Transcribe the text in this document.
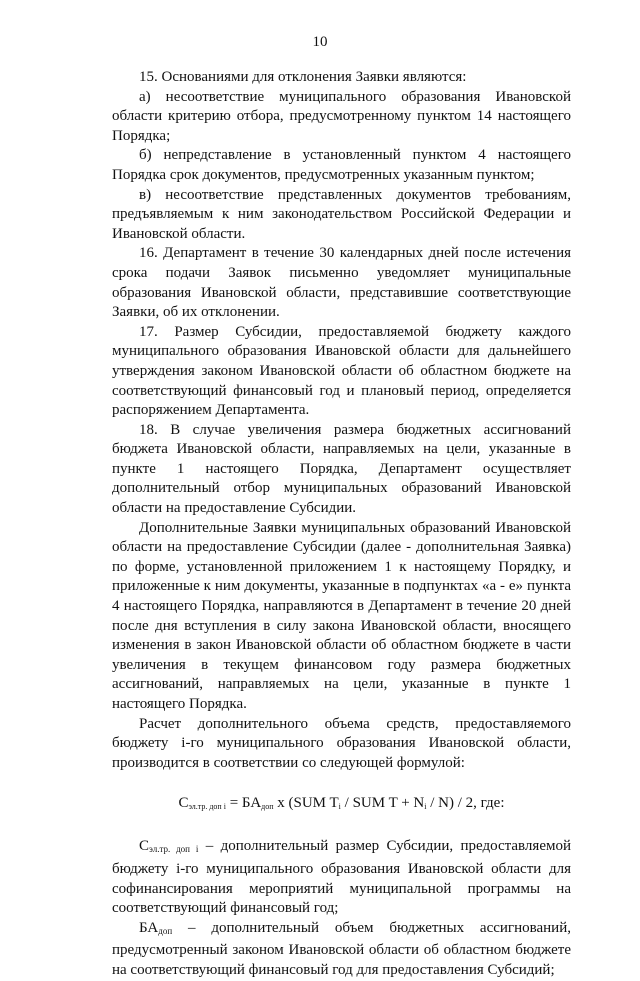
10

15. Основаниями для отклонения Заявки являются:

а) несоответствие муниципального образования Ивановской области критерию отбора, предусмотренному пунктом 14 настоящего Порядка;

б) непредставление в установленный пунктом 4 настоящего Порядка срок документов, предусмотренных указанным пунктом;

в) несоответствие представленных документов требованиям, предъявляемым к ним законодательством Российской Федерации и Ивановской области.

16. Департамент в течение 30 календарных дней после истечения срока подачи Заявок письменно уведомляет муниципальные образования Ивановской области, представившие соответствующие Заявки, об их отклонении.

17. Размер Субсидии, предоставляемой бюджету каждого муниципального образования Ивановской области для дальнейшего утверждения законом Ивановской области об областном бюджете на соответствующий финансовый год и плановый период, определяется распоряжением Департамента.

18. В случае увеличения размера бюджетных ассигнований бюджета Ивановской области, направляемых на цели, указанные в пункте 1 настоящего Порядка, Департамент осуществляет дополнительный отбор муниципальных образований Ивановской области на предоставление Субсидии.

Дополнительные Заявки муниципальных образований Ивановской области на предоставление Субсидии (далее - дополнительная Заявка) по форме, установленной приложением 1 к настоящему Порядку, и приложенные к ним документы, указанные в подпунктах «а - е» пункта 4 настоящего Порядка, направляются в Департамент в течение 20 дней после дня вступления в силу закона Ивановской области, вносящего изменения в закон Ивановской области об областном бюджете в части увеличения в текущем финансовом году размера бюджетных ассигнований, направляемых на цели, указанные в пункте 1 настоящего Порядка.

Расчет дополнительного объема средств, предоставляемого бюджету i-го муниципального образования Ивановской области, производится в соответствии со следующей формулой:

$С_{эл.тр. доп i} = БА_{доп}$ х (SUM $T_i$ / SUM $T + N_i / N) / 2$, где:

$С_{эл.тр. доп i}$ – дополнительный размер Субсидии, предоставляемой бюджету i-го муниципального образования Ивановской области для софинансирования мероприятий муниципальной программы на соответствующий финансовый год;

$БА_{доп}$ – дополнительный объем бюджетных ассигнований, предусмотренный законом Ивановской области об областном бюджете на соответствующий финансовый год для предоставления Субсидий;
